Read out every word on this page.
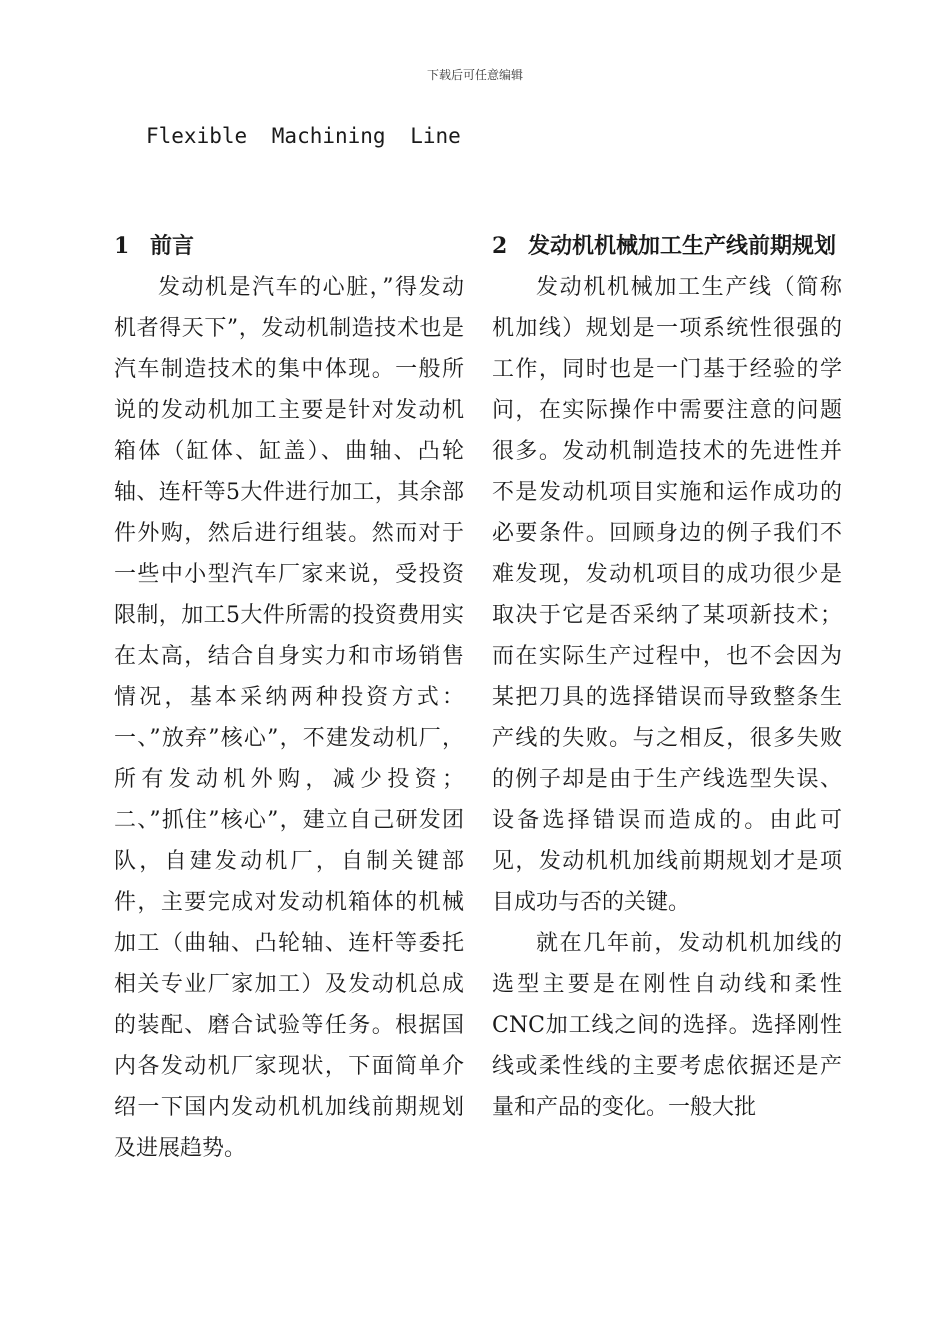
下载后可任意编辑
Flexible Machining Line
1 前言

发动机是汽车的心脏，”得发动机者得天下”，发动机制造技术也是汽车制造技术的集中体现。一般所说的发动机加工主要是针对发动机箱体（缸体、缸盖）、曲轴、凸轮轴、连杆等5大件进行加工，其余部件外购，然后进行组装。然而对于一些中小型汽车厂家来说，受投资限制，加工5大件所需的投资费用实在太高，结合自身实力和市场销售情况，基本采纳两种投资方式：一、”放弃”核心”，不建发动机厂，所有发动机外购，减少投资；二、”抓住”核心”，建立自己研发团队，自建发动机厂，自制关键部件，主要完成对发动机箱体的机械加工（曲轴、凸轮轴、连杆等委托相关专业厂家加工）及发动机总成的装配、磨合试验等任务。根据国内各发动机厂家现状，下面简单介绍一下国内发动机机加线前期规划及进展趋势。

2 发动机机械加工生产线前期规划

发动机机械加工生产线（简称机加线）规划是一项系统性很强的工作，同时也是一门基于经验的学问，在实际操作中需要注意的问题很多。发动机制造技术的先进性并不是发动机项目实施和运作成功的必要条件。回顾身边的例子我们不难发现，发动机项目的成功很少是取决于它是否采纳了某项新技术；而在实际生产过程中，也不会因为某把刀具的选择错误而导致整条生产线的失败。与之相反，很多失败的例子却是由于生产线选型失误、设备选择错误而造成的。由此可见，发动机机加线前期规划才是项目成功与否的关键。

就在几年前，发动机机加线的选型主要是在刚性自动线和柔性CNC加工线之间的选择。选择刚性线或柔性线的主要考虑依据还是产量和产品的变化。一般大批
